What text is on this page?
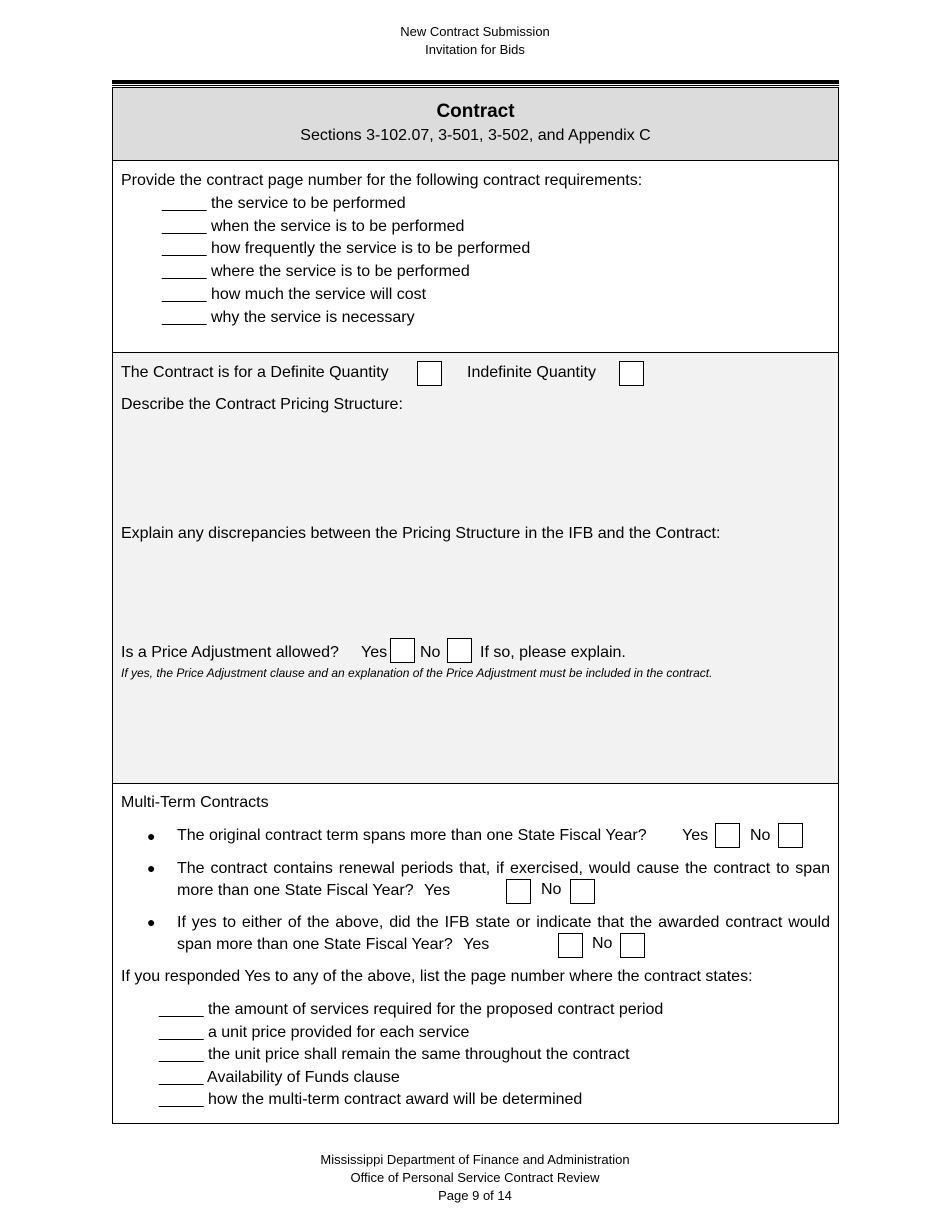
New Contract Submission
Invitation for Bids
Contract
Sections 3-102.07, 3-501, 3-502, and Appendix C
Provide the contract page number for the following contract requirements:
_____ the service to be performed
_____ when the service is to be performed
_____ how frequently the service is to be performed
_____ where the service is to be performed
_____ how much the service will cost
_____ why the service is necessary
The Contract is for a Definite Quantity	Indefinite Quantity
Describe the Contract Pricing Structure:
Explain any discrepancies between the Pricing Structure in the IFB and the Contract:
Is a Price Adjustment allowed? Yes No If so, please explain.
If yes, the Price Adjustment clause and an explanation of the Price Adjustment must be included in the contract.
Multi-Term Contracts
● The original contract term spans more than one State Fiscal Year? Yes	No
● The contract contains renewal periods that, if exercised, would cause the contract to span more than one State Fiscal Year? Yes	No
● If yes to either of the above, did the IFB state or indicate that the awarded contract would span more than one State Fiscal Year? Yes	No
If you responded Yes to any of the above, list the page number where the contract states:
_____ the amount of services required for the proposed contract period
_____ a unit price provided for each service
_____ the unit price shall remain the same throughout the contract
_____ Availability of Funds clause
_____ how the multi-term contract award will be determined
Mississippi Department of Finance and Administration
Office of Personal Service Contract Review
Page 9 of 14
